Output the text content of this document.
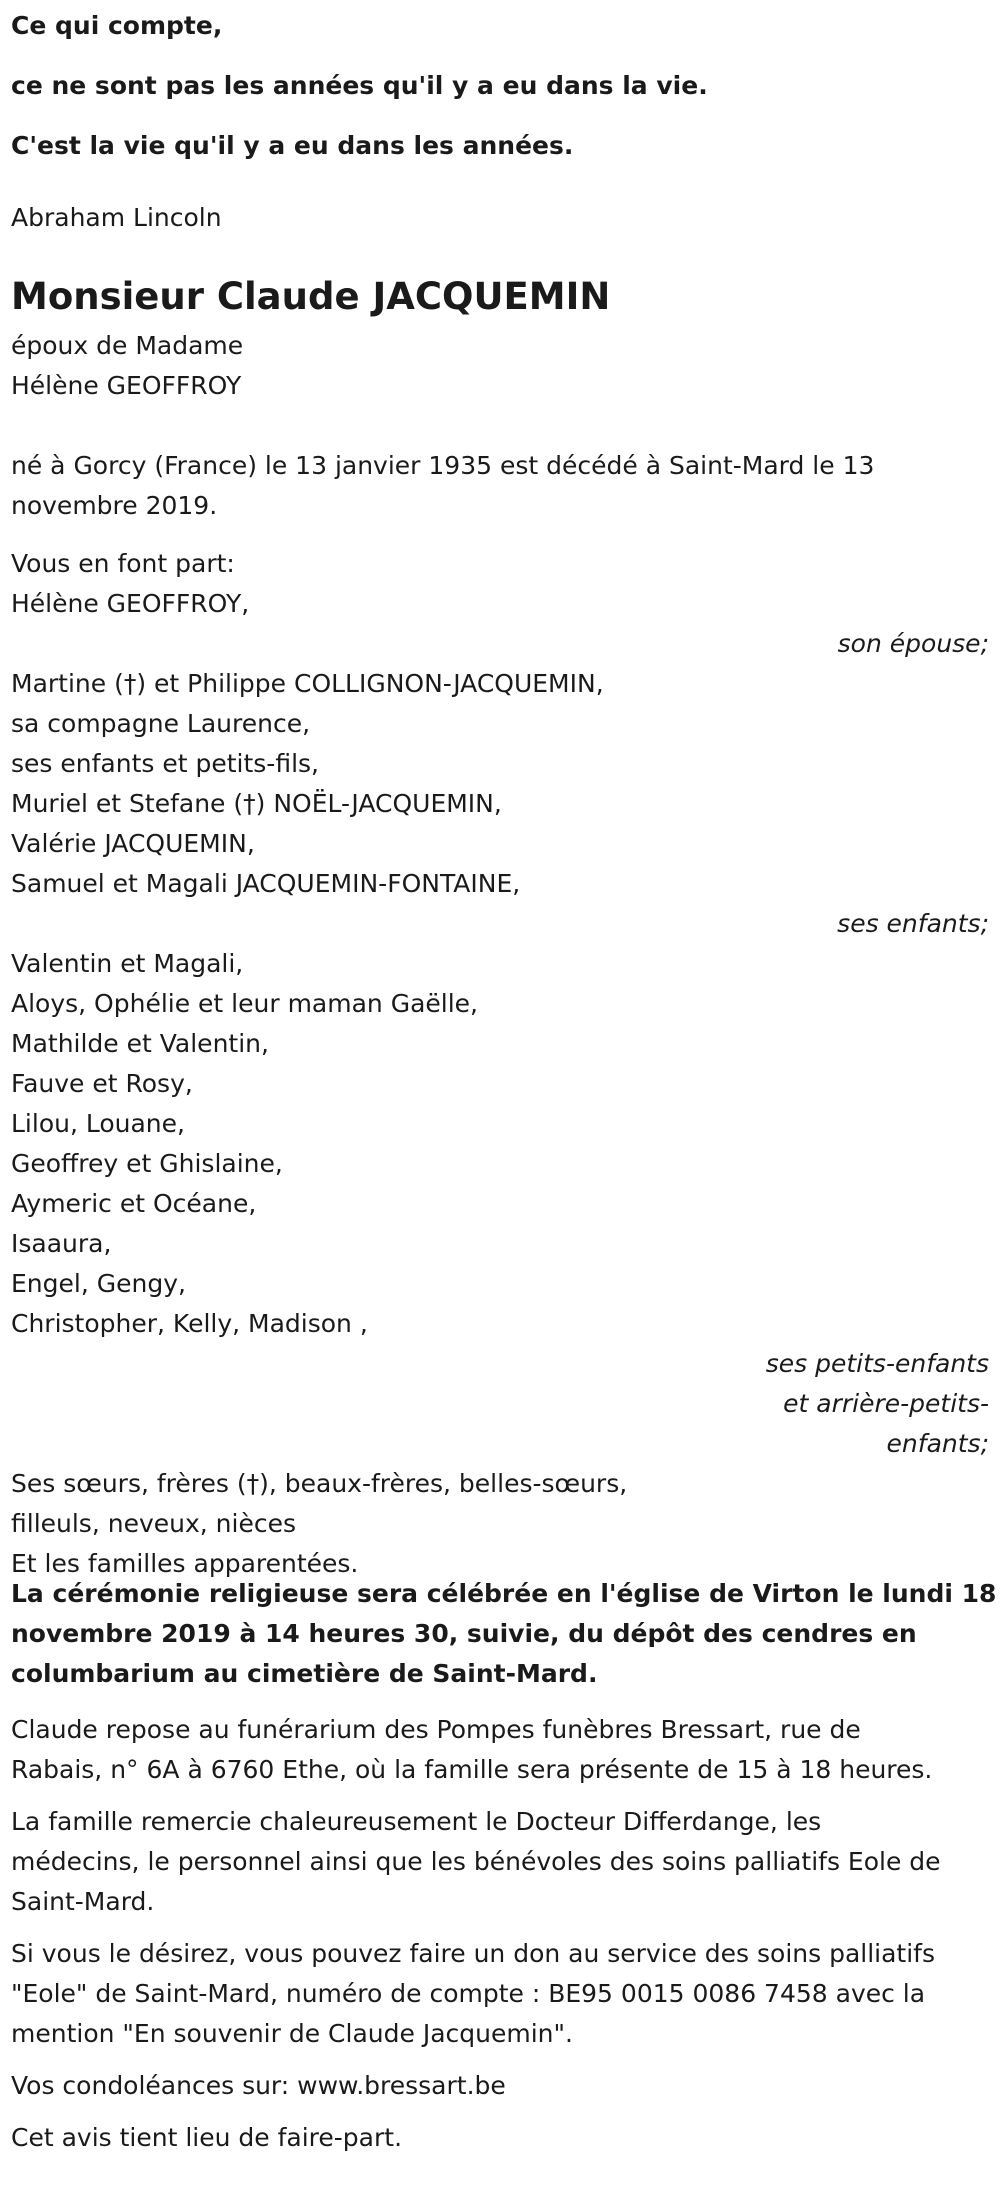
Ce qui compte,
ce ne sont pas les années qu'il y a eu dans la vie.
C'est la vie qu'il y a eu dans les années.
Abraham Lincoln
Monsieur Claude JACQUEMIN
époux de Madame
Hélène GEOFFROY
né à Gorcy (France) le 13 janvier 1935 est décédé à Saint-Mard le 13
novembre 2019.
Vous en font part:
Hélène GEOFFROY,
son épouse;
Martine (†) et Philippe COLLIGNON-JACQUEMIN,
sa compagne Laurence,
ses enfants et petits-fils,
Muriel et Stefane (†) NOËL-JACQUEMIN,
Valérie JACQUEMIN,
Samuel et Magali JACQUEMIN-FONTAINE,
ses enfants;
Valentin et Magali,
Aloys, Ophélie et leur maman Gaëlle,
Mathilde et Valentin,
Fauve et Rosy,
Lilou, Louane,
Geoffrey et Ghislaine,
Aymeric et Océane,
Isaaura,
Engel, Gengy,
Christopher, Kelly, Madison ,
ses petits-enfants
et arrière-petits-
enfants;
Ses sœurs, frères (†), beaux-frères, belles-sœurs,
filleuls, neveux, nièces
Et les familles apparentées.
La cérémonie religieuse sera célébrée en l'église de Virton le lundi 18
novembre 2019 à 14 heures 30, suivie, du dépôt des cendres en
columbarium au cimetière de Saint-Mard.
Claude repose au funérarium des Pompes funèbres Bressart, rue de
Rabais, n° 6A à 6760 Ethe, où la famille sera présente de 15 à 18 heures.
La famille remercie chaleureusement le Docteur Differdange, les
médecins, le personnel ainsi que les bénévoles des soins palliatifs Eole de
Saint-Mard.
Si vous le désirez, vous pouvez faire un don au service des soins palliatifs
"Eole" de Saint-Mard, numéro de compte : BE95 0015 0086 7458 avec la
mention "En souvenir de Claude Jacquemin".
Vos condoléances sur: www.bressart.be
Cet avis tient lieu de faire-part.
